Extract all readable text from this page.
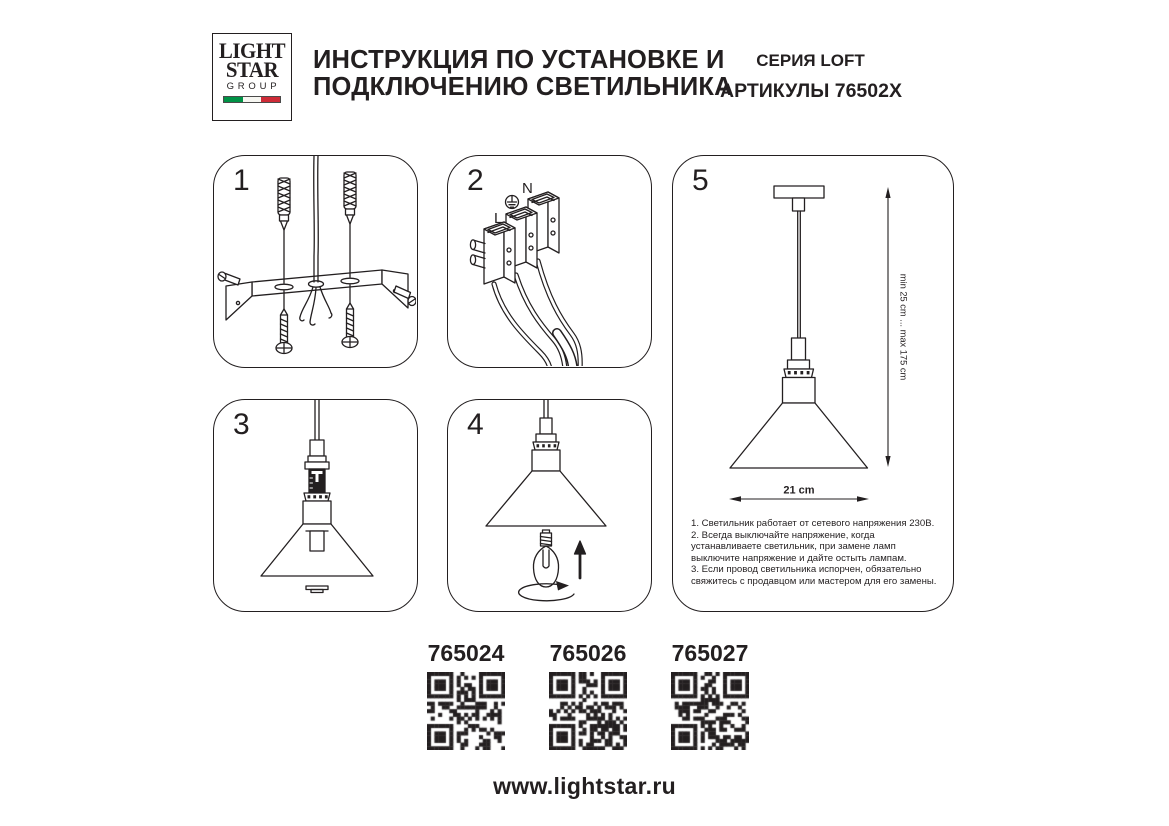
LIGHT
STAR
GROUP
ИНСТРУКЦИЯ ПО УСТАНОВКЕ И
ПОДКЛЮЧЕНИЮ СВЕТИЛЬНИКА
СЕРИЯ LOFT
АРТИКУЛЫ 76502X
1	2
L
N
3	4
5
min 25 cm ... max 175 cm
21 cm

1. Светильник работает от сетевого напряжения 230В.

2. Всегда выключайте напряжение, когда устанавливаете светильник, при замене ламп выключите напряжение и дайте остыть лампам.

3. Если провод светильника испорчен, обязательно свяжитесь с продавцом или мастером для его замены.

765024	765026	765027
www.lightstar.ru
